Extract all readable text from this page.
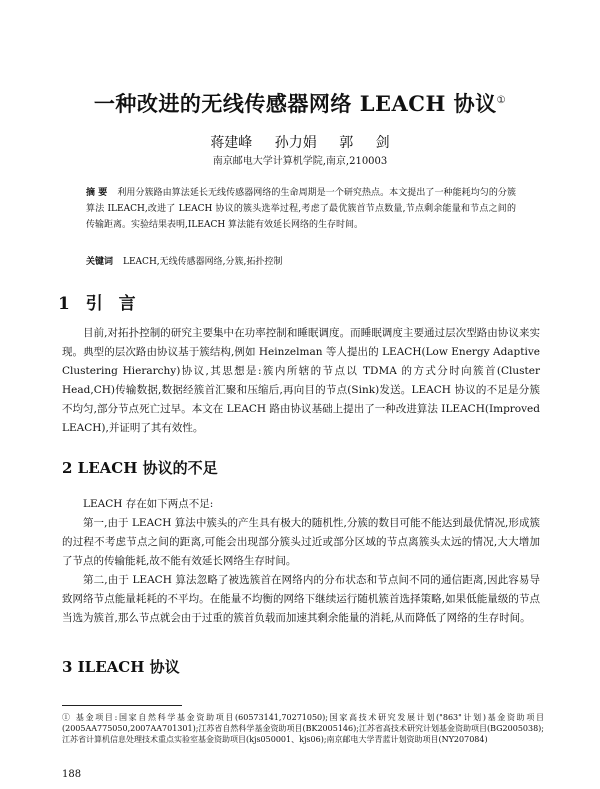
一种改进的无线传感器网络 LEACH 协议①
蒋建峰 孙力娟 郭 剑
南京邮电大学计算机学院,南京,210003
摘 要 利用分簇路由算法延长无线传感器网络的生命周期是一个研究热点。本文提出了一种能耗均匀的分簇算法 ILEACH,改进了 LEACH 协议的簇头选举过程,考虑了最优簇首节点数量,节点剩余能量和节点之间的传输距离。实验结果表明,ILEACH 算法能有效延长网络的生存时间。
关键词 LEACH,无线传感器网络,分簇,拓扑控制
1 引 言
目前,对拓扑控制的研究主要集中在功率控制和睡眠调度。而睡眠调度主要通过层次型路由协议来实现。典型的层次路由协议基于簇结构,例如 Heinzelman 等人提出的 LEACH(Low Energy Adaptive Clustering Hierarchy)协议,其思想是:簇内所辖的节点以 TDMA 的方式分时向簇首(Cluster Head,CH)传输数据,数据经簇首汇聚和压缩后,再向目的节点(Sink)发送。LEACH 协议的不足是分簇不均匀,部分节点死亡过早。本文在 LEACH 路由协议基础上提出了一种改进算法 ILEACH(Improved LEACH),并证明了其有效性。
2 LEACH 协议的不足
LEACH 存在如下两点不足:
第一,由于 LEACH 算法中簇头的产生具有极大的随机性,分簇的数目可能不能达到最优情况,形成簇的过程不考虑节点之间的距离,可能会出现部分簇头过近或部分区域的节点离簇头太远的情况,大大增加了节点的传输能耗,故不能有效延长网络生存时间。
第二,由于 LEACH 算法忽略了被选簇首在网络内的分布状态和节点间不同的通信距离,因此容易导致网络节点能量耗耗的不平均。在能量不均衡的网络下继续运行随机簇首选择策略,如果低能量级的节点当选为簇首,那么节点就会由于过重的簇首负载而加速其剩余能量的消耗,从而降低了网络的生存时间。
3 ILEACH 协议
① 基金项目:国家自然科学基金资助项目(60573141,70271050);国家高技术研究发展计划("863"计划)基金资助项目(2005AA775050,2007AA701301);江苏省自然科学基金资助项目(BK2005146);江苏省高技术研究计划基金资助项目(BG2005038);江苏省计算机信息处理技术重点实验室基金资助项目(kjs050001、kjs06);南京邮电大学青蓝计划资助项目(NY207084)
188
